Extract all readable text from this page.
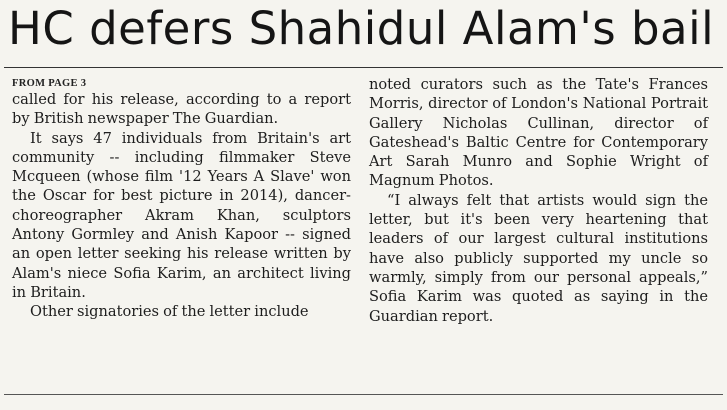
HC defers Shahidul Alam's bail
FROM PAGE 3

called for his release, according to a report by British newspaper The Guardian.

It says 47 individuals from Britain's art community -- including filmmaker Steve Mcqueen (whose film '12 Years A Slave' won the Oscar for best picture in 2014), dancer-choreographer Akram Khan, sculptors Antony Gormley and Anish Kapoor -- signed an open letter seeking his release written by Alam's niece Sofia Karim, an architect living in Britain.

Other signatories of the letter include

noted curators such as the Tate's Frances Morris, director of London's National Portrait Gallery Nicholas Cullinan, director of Gateshead's Baltic Centre for Contemporary Art Sarah Munro and Sophie Wright of Magnum Photos.

“I always felt that artists would sign the letter, but it's been very heartening that leaders of our largest cultural institutions have also publicly supported my uncle so warmly, simply from our personal appeals,” Sofia Karim was quoted as saying in the Guardian report.
